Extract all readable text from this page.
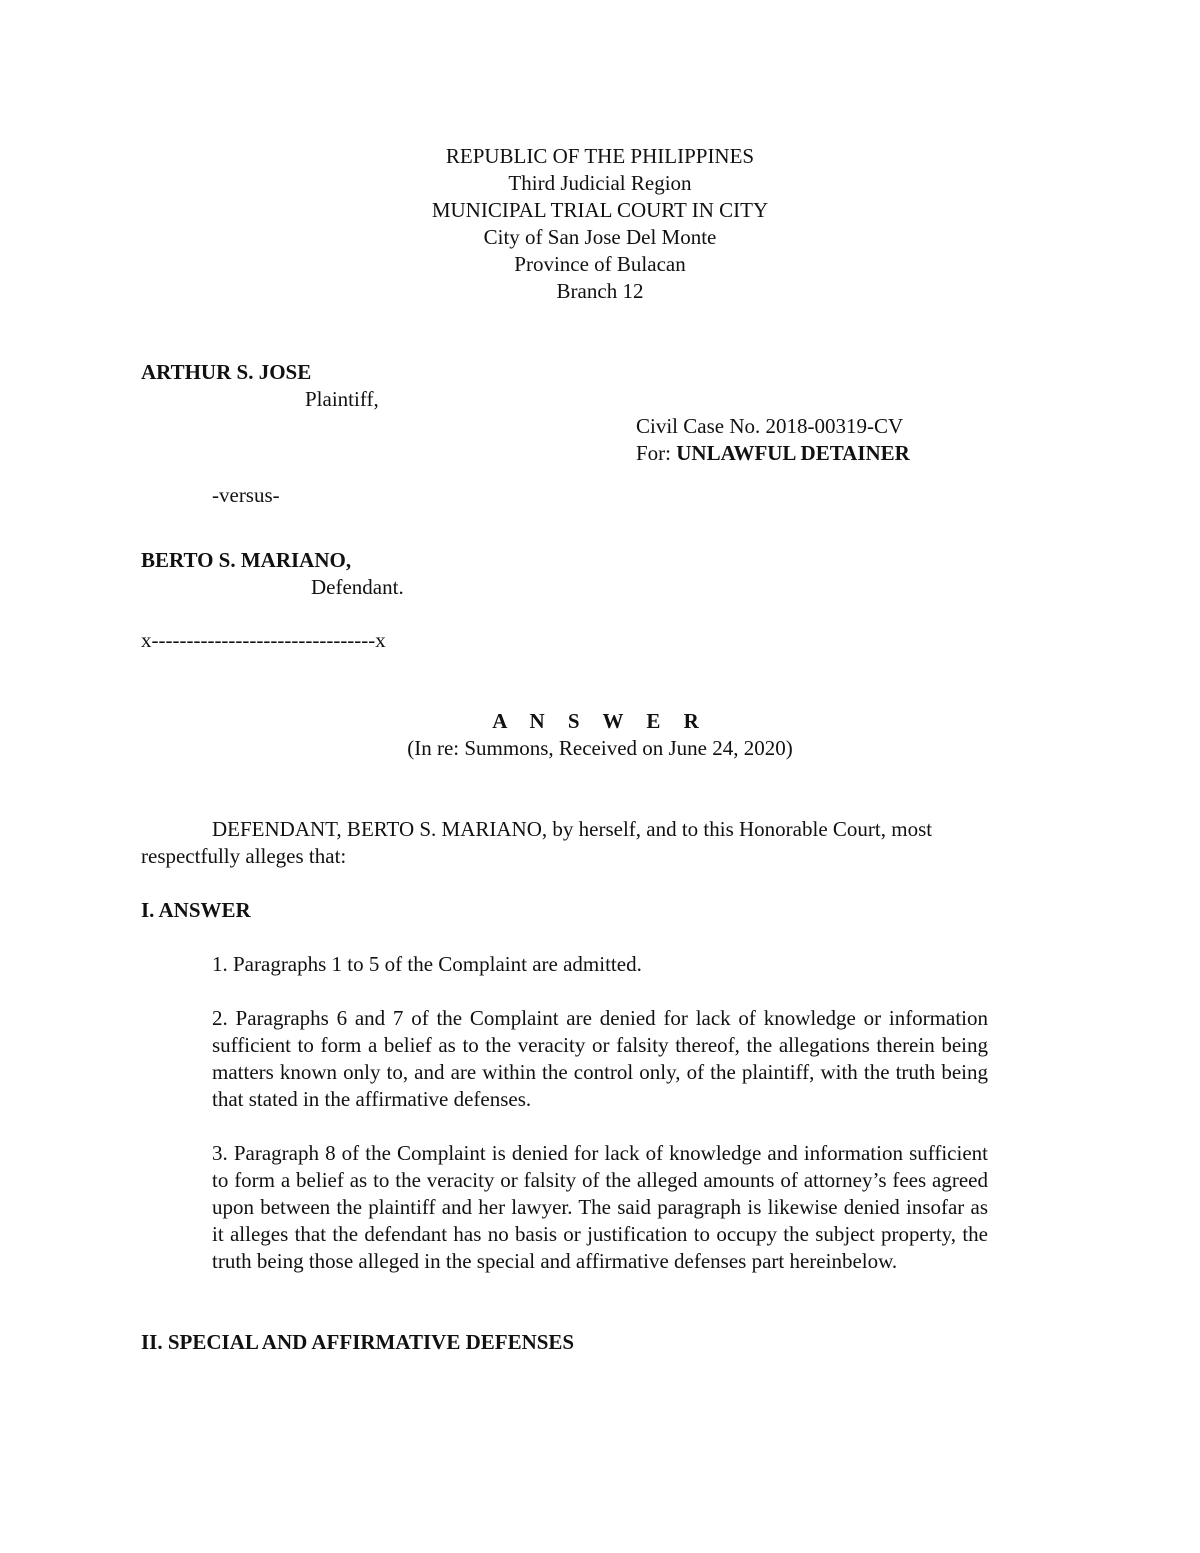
REPUBLIC OF THE PHILIPPINES
Third Judicial Region
MUNICIPAL TRIAL COURT IN CITY
City of San Jose Del Monte
Province of Bulacan
Branch 12
ARTHUR S. JOSE
Plaintiff,
Civil Case No. 2018-00319-CV
For: UNLAWFUL DETAINER
-versus-
BERTO S. MARIANO,
Defendant.
x--------------------------------x
A N S W E R
(In re: Summons, Received on June 24, 2020)
DEFENDANT, BERTO S. MARIANO, by herself, and to this Honorable Court, most
respectfully alleges that:
I. ANSWER
1. Paragraphs 1 to 5 of the Complaint are admitted.
2. Paragraphs 6 and 7 of the Complaint are denied for lack of knowledge or information sufficient to form a belief as to the veracity or falsity thereof, the allegations therein being matters known only to, and are within the control only, of the plaintiff, with the truth being that stated in the affirmative defenses.
3. Paragraph 8 of the Complaint is denied for lack of knowledge and information sufficient to form a belief as to the veracity or falsity of the alleged amounts of attorney’s fees agreed upon between the plaintiff and her lawyer. The said paragraph is likewise denied insofar as it alleges that the defendant has no basis or justification to occupy the subject property, the truth being those alleged in the special and affirmative defenses part hereinbelow.
II. SPECIAL AND AFFIRMATIVE DEFENSES
